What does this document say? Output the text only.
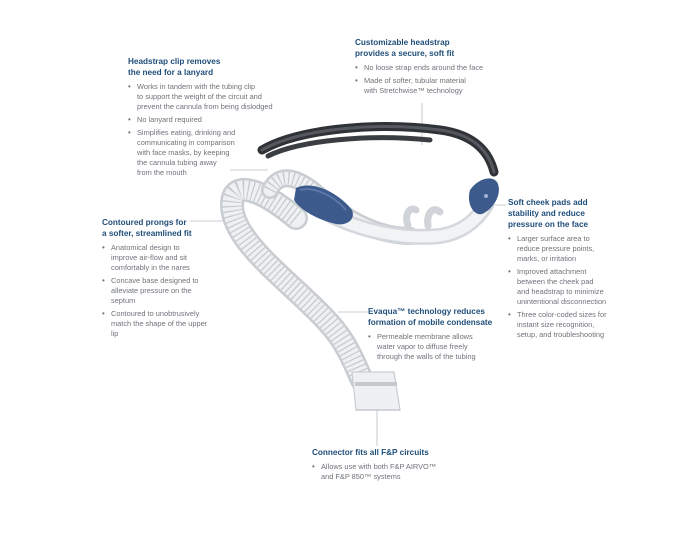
Headstrap clip removes
the need for a lanyard
• Works in tandem with the tubing clip
to support the weight of the circuit and
prevent the cannula from being dislodged
• No lanyard required
• Simplifies eating, drinking and
communicating in comparison
with face masks, by keeping
the cannula tubing away
from the mouth
Customizable headstrap
provides a secure, soft fit
• No loose strap ends around the face
• Made of softer, tubular material
with Stretchwise™ technology
Soft cheek pads add
stability and reduce
pressure on the face
• Larger surface area to
reduce pressure points,
marks, or irritation
• Improved attachment
between the cheek pad
and headstrap to minimize
unintentional disconnection
• Three color-coded sizes for
instant size recognition,
setup, and troubleshooting
Contoured prongs for
a softer, streamlined fit
• Anatomical design to
improve air-flow and sit
comfortably in the nares
• Concave base designed to
alleviate pressure on the
septum
• Contoured to unobtrusively
match the shape of the upper
lip
Evaqua™ technology reduces
formation of mobile condensate
• Permeable membrane allows
water vapor to diffuse freely
through the walls of the tubing
Connector fits all F&P circuits
• Allows use with both F&P AIRVO™
and F&P 850™ systems
